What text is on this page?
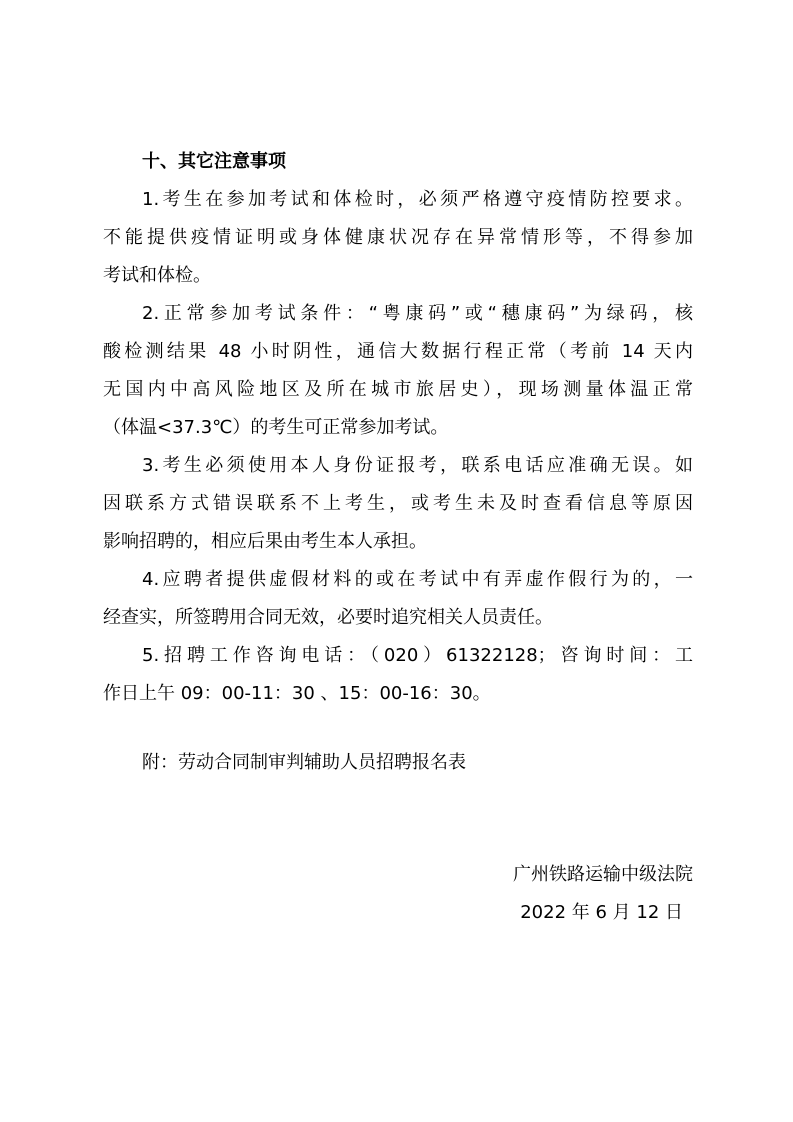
十、其它注意事项
1.考生在参加考试和体检时，必须严格遵守疫情防控要求。
不能提供疫情证明或身体健康状况存在异常情形等，不得参加
考试和体检。
2.正常参加考试条件：“粤康码”或“穗康码”为绿码，核
酸检测结果 48 小时阴性，通信大数据行程正常（考前 14 天内
无国内中高风险地区及所在城市旅居史），现场测量体温正常
（体温<37.3℃）的考生可正常参加考试。
3.考生必须使用本人身份证报考，联系电话应准确无误。如
因联系方式错误联系不上考生，或考生未及时查看信息等原因
影响招聘的，相应后果由考生本人承担。
4.应聘者提供虚假材料的或在考试中有弄虚作假行为的，一
经查实，所签聘用合同无效，必要时追究相关人员责任。
5.招聘工作咨询电话：（020）61322128；咨询时间：工
作日上午 09：00-11：30 、15：00-16：30。
附：劳动合同制审判辅助人员招聘报名表
广州铁路运输中级法院
2022 年 6 月 12 日
